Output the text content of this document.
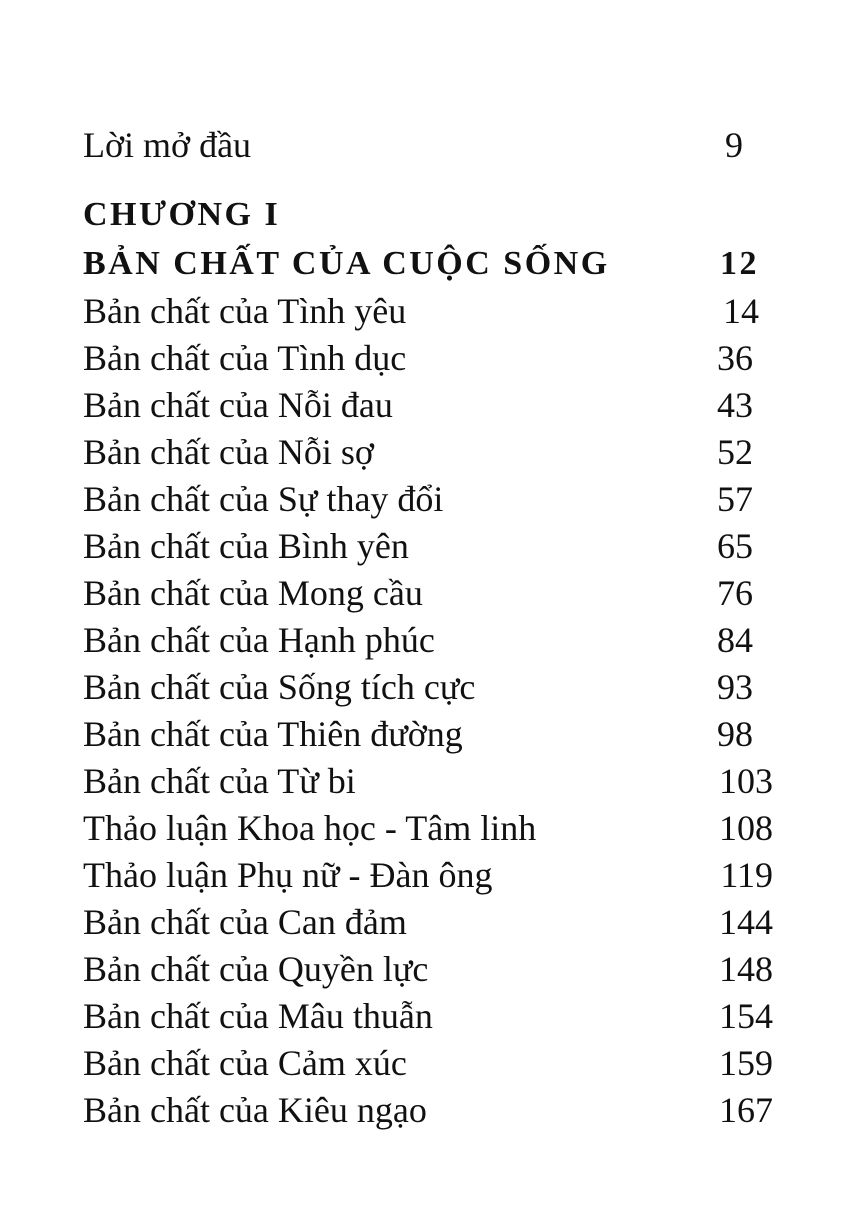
Lời mở đầu	9
CHƯƠNG I
BẢN CHẤT CỦA CUỘC SỐNG	12
Bản chất của Tình yêu	14
Bản chất của Tình dục	36
Bản chất của Nỗi đau	43
Bản chất của Nỗi sợ	52
Bản chất của Sự thay đổi	57
Bản chất của Bình yên	65
Bản chất của Mong cầu	76
Bản chất của Hạnh phúc	84
Bản chất của Sống tích cực	93
Bản chất của Thiên đường	98
Bản chất của Từ bi	103
Thảo luận Khoa học - Tâm linh	108
Thảo luận Phụ nữ - Đàn ông	119
Bản chất của Can đảm	144
Bản chất của Quyền lực	148
Bản chất của Mâu thuẫn	154
Bản chất của Cảm xúc	159
Bản chất của Kiêu ngạo	167
